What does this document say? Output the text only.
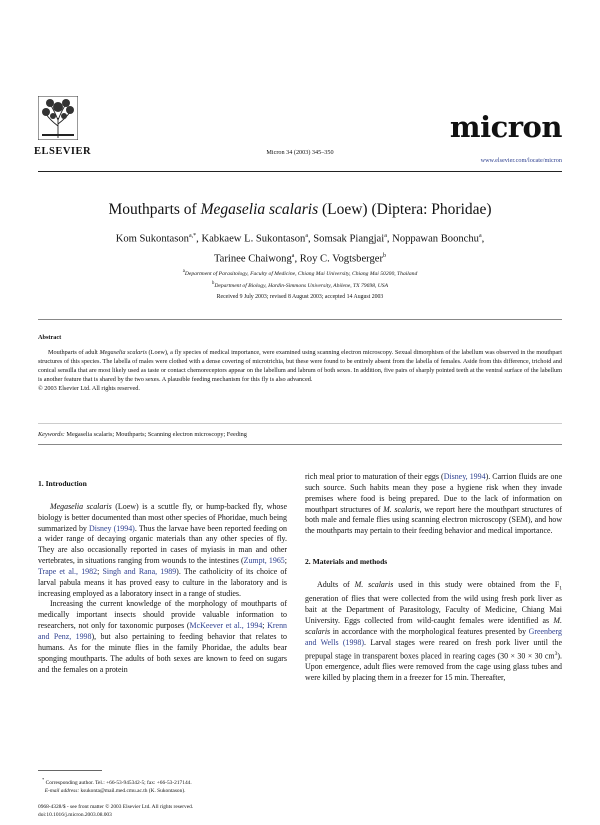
ELSEVIER	Micron 34 (2003) 345–350
micron
www.elsevier.com/locate/micron
Mouthparts of Megaselia scalaris (Loew) (Diptera: Phoridae)
Kom Sukontason$^{a,*}$, Kabkaew L. Sukontason$^a$, Somsak Piangjai$^a$, Noppawan Boonchu$^a$,
Tarinee Chaiwong$^a$, Roy C. Vogtsberger$^b$
$^a$Department of Parasitology, Faculty of Medicine, Chiang Mai University, Chiang Mai 50200, Thailand
$^b$Department of Biology, Hardin-Simmons University, Abilene, TX 79698, USA
Received 9 July 2003; revised 8 August 2003; accepted 14 August 2003
Abstract

Mouthparts of adult Megaselia scalaris (Loew), a fly species of medical importance, were examined using scanning electron microscopy. Sexual dimorphism of the labellum was observed in the mouthpart structures of this species. The labella of males were clothed with a dense covering of microtrichia, but these were found to be entirely absent from the labella of females. Aside from this difference, trichoid and conical sensilla that are most likely used as taste or contact chemoreceptors appear on the labellum and labrum of both sexes. In addition, five pairs of sharply pointed teeth at the ventral surface of the labellum is another feature that is shared by the two sexes. A plausible feeding mechanism for this fly is also advanced.

© 2003 Elsevier Ltd. All rights reserved.
Keywords: Megaselia scalaris; Mouthparts; Scanning electron microscopy; Feeding

1. Introduction

Megaselia scalaris (Loew) is a scuttle fly, or hump-backed fly, whose biology is better documented than most other species of Phoridae, much being summarized by Disney (1994). Thus the larvae have been reported feeding on a wider range of decaying organic materials than any other species of fly. They are also occasionally reported in cases of myiasis in man and other vertebrates, in situations ranging from wounds to the intestines (Zumpt, 1965; Trape et al., 1982; Singh and Rana, 1989). The catholicity of its choice of larval pabula means it has proved easy to culture in the laboratory and is increasing employed as a laboratory insect in a range of studies.

Increasing the current knowledge of the morphology of mouthparts of medically important insects should provide valuable information to researchers, not only for taxonomic purposes (McKeever et al., 1994; Krenn and Penz, 1998), but also pertaining to feeding behavior that relates to humans. As for the minute flies in the family Phoridae, the adults bear sponging mouthparts. The adults of both sexes are known to feed on sugars and the females on a protein

rich meal prior to maturation of their eggs (Disney, 1994). Carrion fluids are one such source. Such habits mean they pose a hygiene risk when they invade premises where food is being prepared. Due to the lack of information on mouthpart structures of M. scalaris, we report here the mouthpart structures of both male and female flies using scanning electron microscopy (SEM), and how the mouthparts may pertain to their feeding behavior and medical importance.

2. Materials and methods

Adults of M. scalaris used in this study were obtained from the $F_1$ generation of flies that were collected from the wild using fresh pork liver as bait at the Department of Parasitology, Faculty of Medicine, Chiang Mai University. Eggs collected from wild-caught females were identified as M. scalaris in accordance with the morphological features presented by Greenberg and Wells (1998). Larval stages were reared on fresh pork liver until the prepupal stage in transparent boxes placed in rearing cages (30 × 30 × 30 $cm^3$). Upon emergence, adult flies were removed from the cage using glass tubes and were killed by placing them in a freezer for 15 min. Thereafter,

* Corresponding author. Tel.: +66-53-945342-5; fax: +66-53-217144.
E-mail address: ksukonta@mail.med.cmu.ac.th (K. Sukontason).
0968-4328/$ - see front matter © 2003 Elsevier Ltd. All rights reserved.
doi:10.1016/j.micron.2003.08.003
